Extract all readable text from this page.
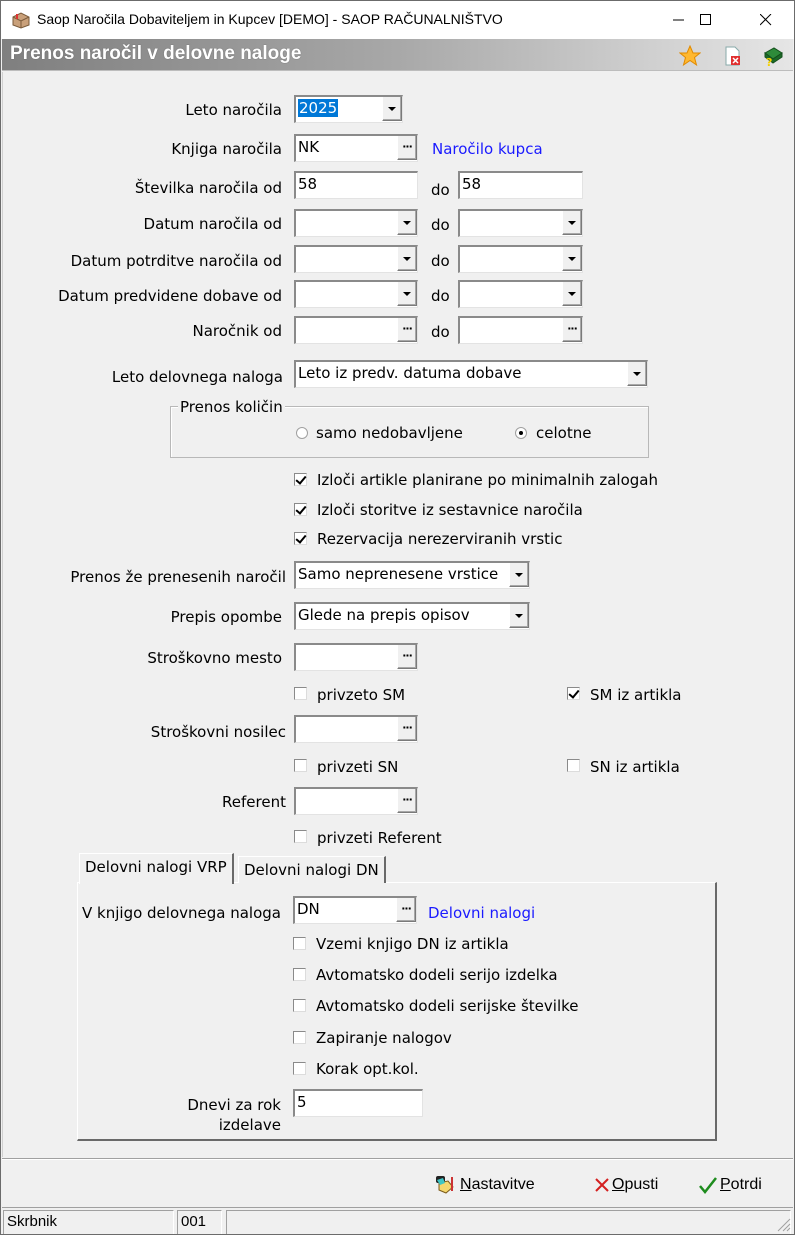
Saop Naročila Dobaviteljem in Kupcev [DEMO] - SAOP RAČUNALNIŠTVO
Prenos naročil v delovne naloge	?
Leto naročila	2025
Knjiga naročila NK	··· Naročilo kupca
Številka naročila od 58	do 58
Datum naročila od	do
Datum potrditve naročila od	do
Datum predvidene dobave od	do
Naročnik od	··· do	···
Leto delovnega naloga Leto iz predv. datuma dobave
Prenos količin
samo nedobavljene	celotne
Izloči artikle planirane po minimalnih zalogah
Izloči storitve iz sestavnice naročila
Rezervacija nerezerviranih vrstic
Prenos že prenesenih naročil Samo neprenesene vrstice
Prepis opombe Glede na prepis opisov
Stroškovno mesto	···
privzeto SM	SM iz artikla
Stroškovni nosilec	···
privzeti SN	SN iz artikla
Referent	···
privzeti Referent
Delovni nalogi VRP	Delovni nalogi DN
V knjigo delovnega naloga DN	··· Delovni nalogi
Vzemi knjigo DN iz artikla
Avtomatsko dodeli serijo izdelka
Avtomatsko dodeli serijske številke
Zapiranje nalogov
Korak opt.kol.
Dnevi za rok
izdelave
5
N astavitve	O pusti	P otrdi
Skrbnik	001
